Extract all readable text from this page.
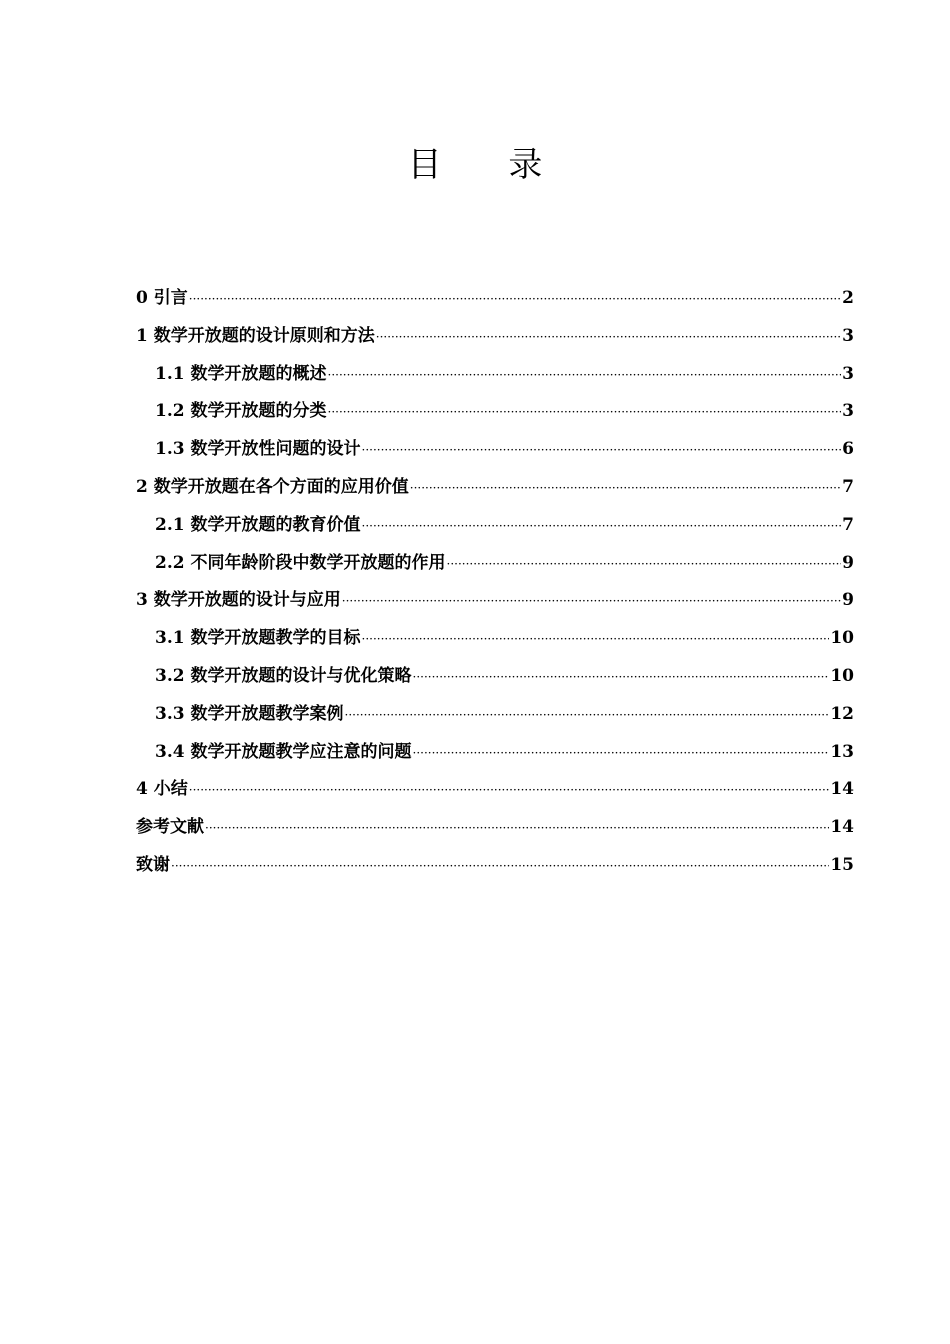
目 录
0 引言 ·····	2
1 数学开放题的设计原则和方法 ·····	3
1.1 数学开放题的概述 ·····	3
1.2 数学开放题的分类 ·····	3
1.3 数学开放性问题的设计 ·····	6
2 数学开放题在各个方面的应用价值 ·····	7
2.1 数学开放题的教育价值 ·····	7
2.2 不同年龄阶段中数学开放题的作用 ·····	9
3 数学开放题的设计与应用 ·····	9
3.1 数学开放题教学的目标 ·····	10
3.2 数学开放题的设计与优化策略 ·····	10
3.3 数学开放题教学案例 ·····	12
3.4 数学开放题教学应注意的问题 ·····	13
4 小结 ·····	14
参考文献 ·····	14
致谢 ·····	15
